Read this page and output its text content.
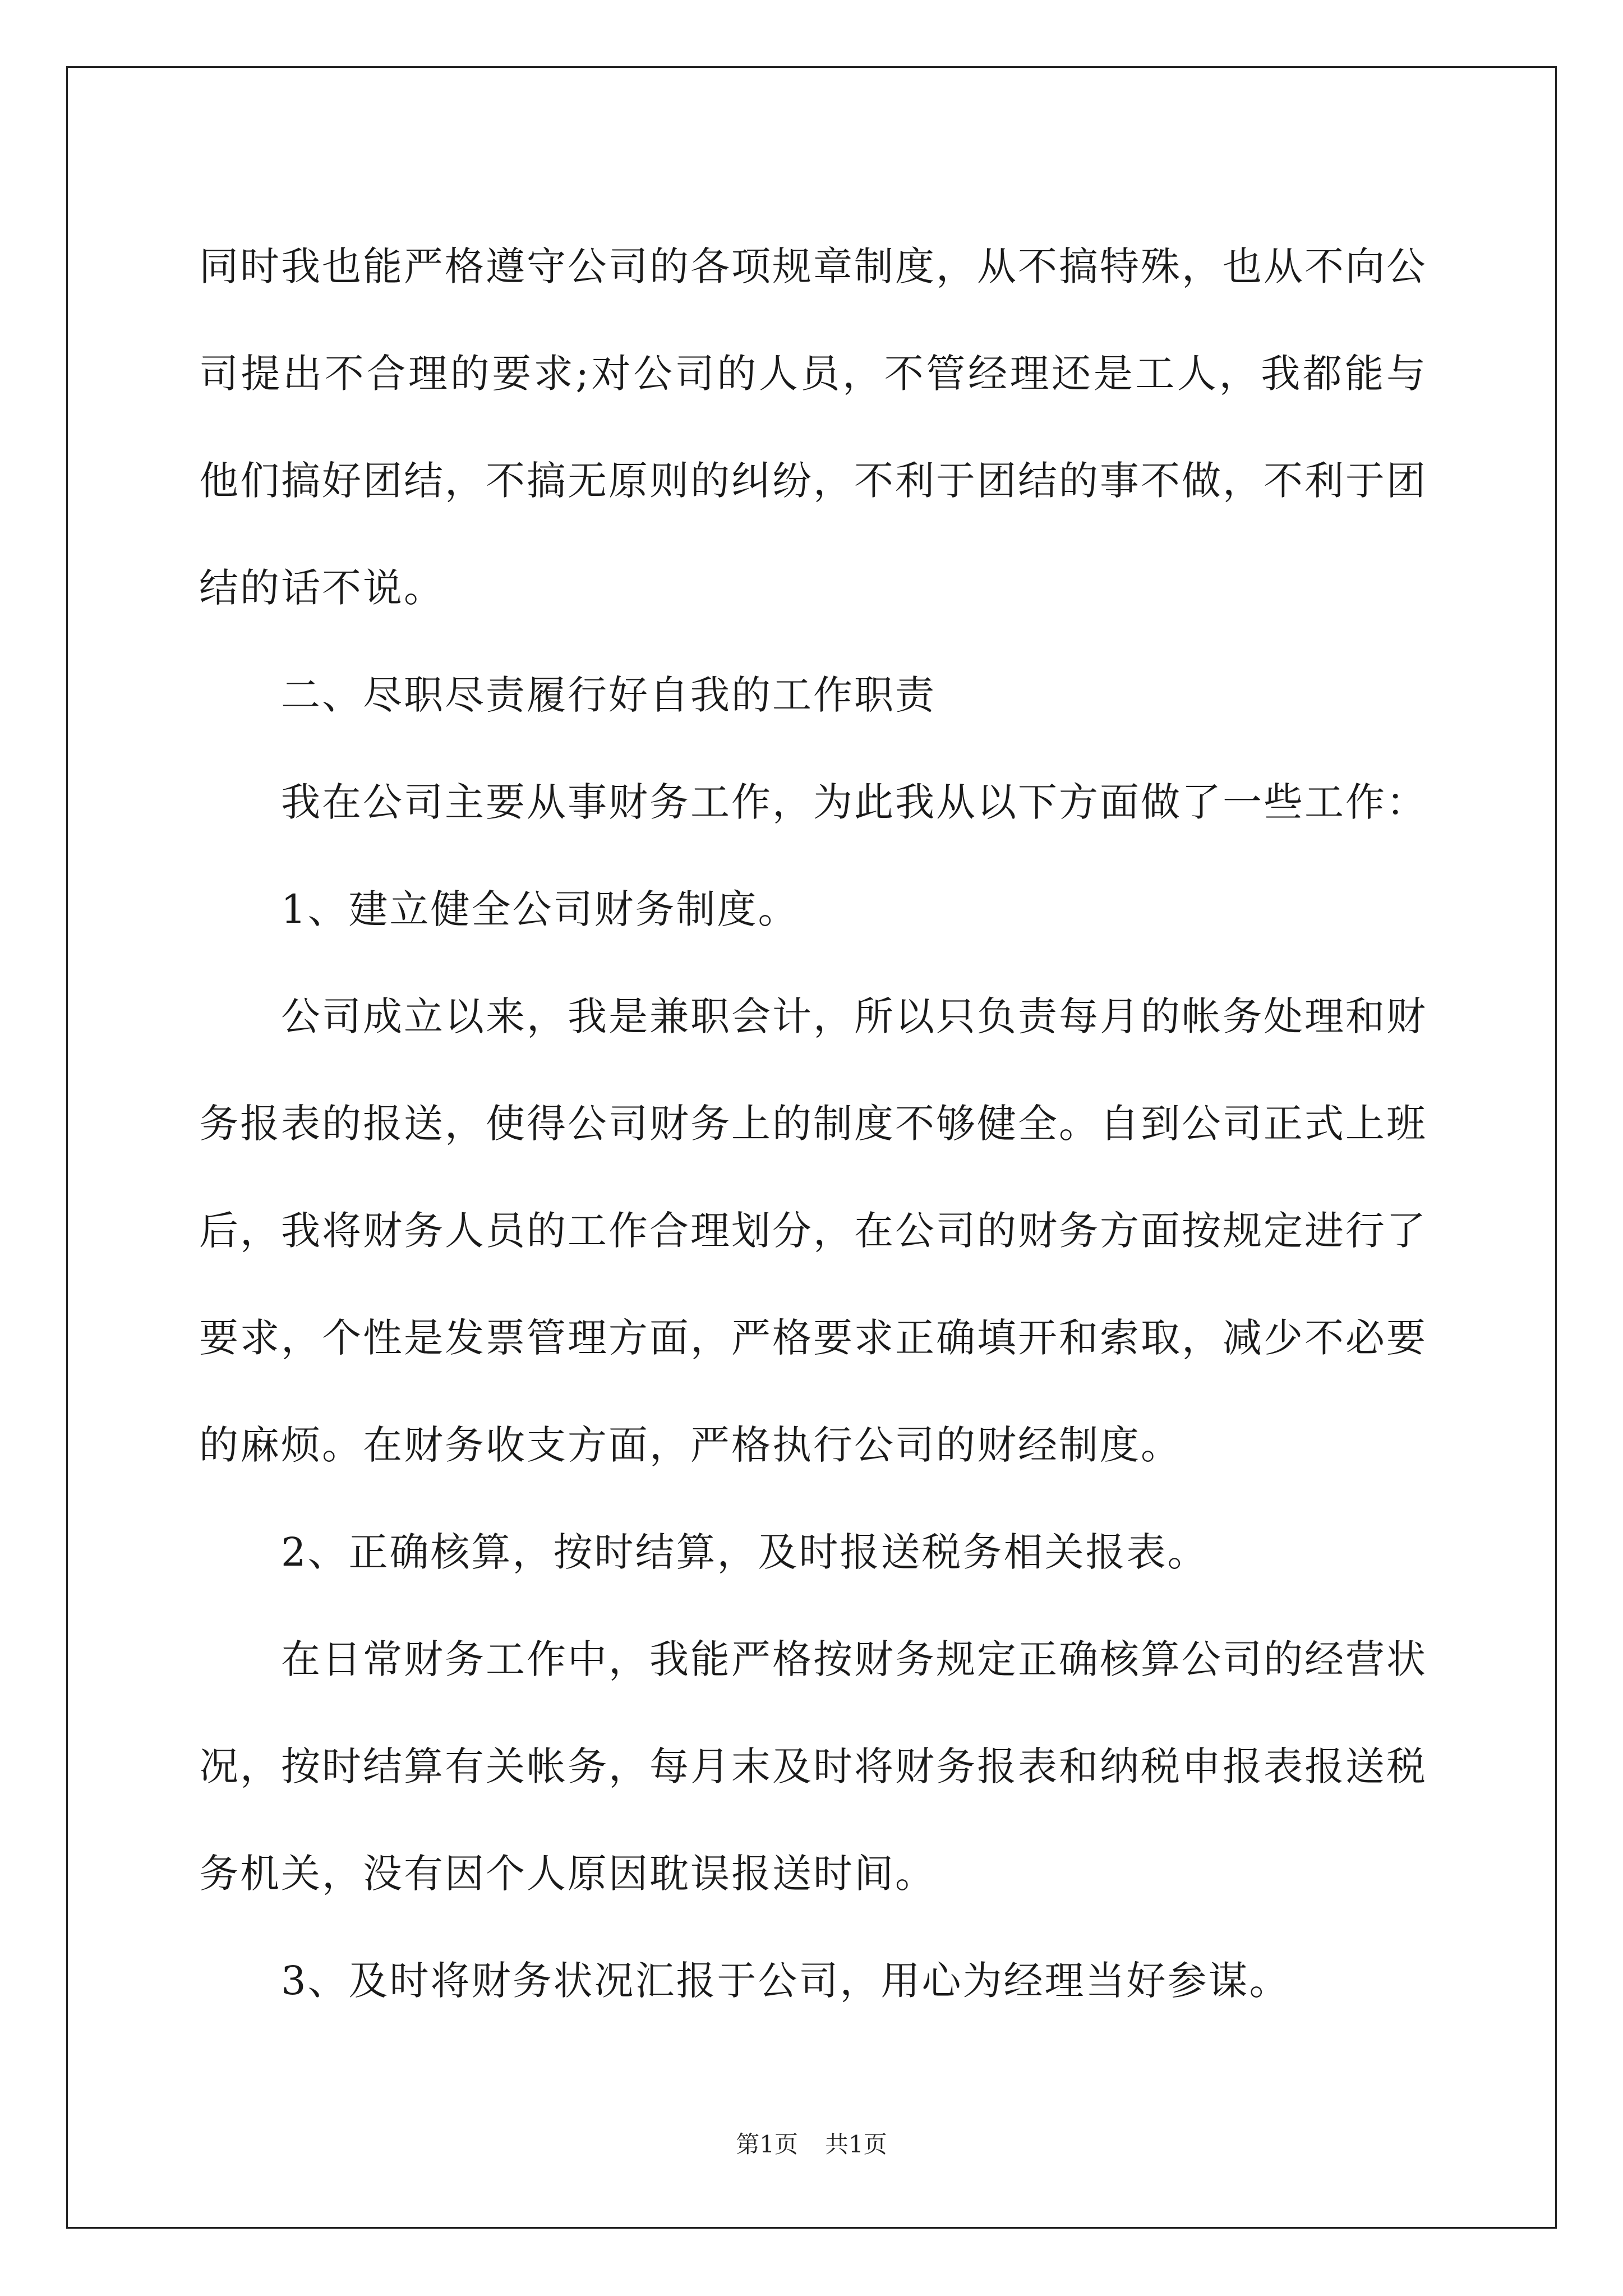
同时我也能严格遵守公司的各项规章制度，从不搞特殊，也从不向公司提出不合理的要求;对公司的人员，不管经理还是工人，我都能与他们搞好团结，不搞无原则的纠纷，不利于团结的事不做，不利于团结的话不说。

二、尽职尽责履行好自我的工作职责

我在公司主要从事财务工作，为此我从以下方面做了一些工作：

1、建立健全公司财务制度。

公司成立以来，我是兼职会计，所以只负责每月的帐务处理和财务报表的报送，使得公司财务上的制度不够健全。自到公司正式上班后，我将财务人员的工作合理划分，在公司的财务方面按规定进行了要求，个性是发票管理方面，严格要求正确填开和索取，减少不必要的麻烦。在财务收支方面，严格执行公司的财经制度。

2、正确核算，按时结算，及时报送税务相关报表。

在日常财务工作中，我能严格按财务规定正确核算公司的经营状况，按时结算有关帐务，每月末及时将财务报表和纳税申报表报送税务机关，没有因个人原因耽误报送时间。

3、及时将财务状况汇报于公司，用心为经理当好参谋。

第1页 共1页
